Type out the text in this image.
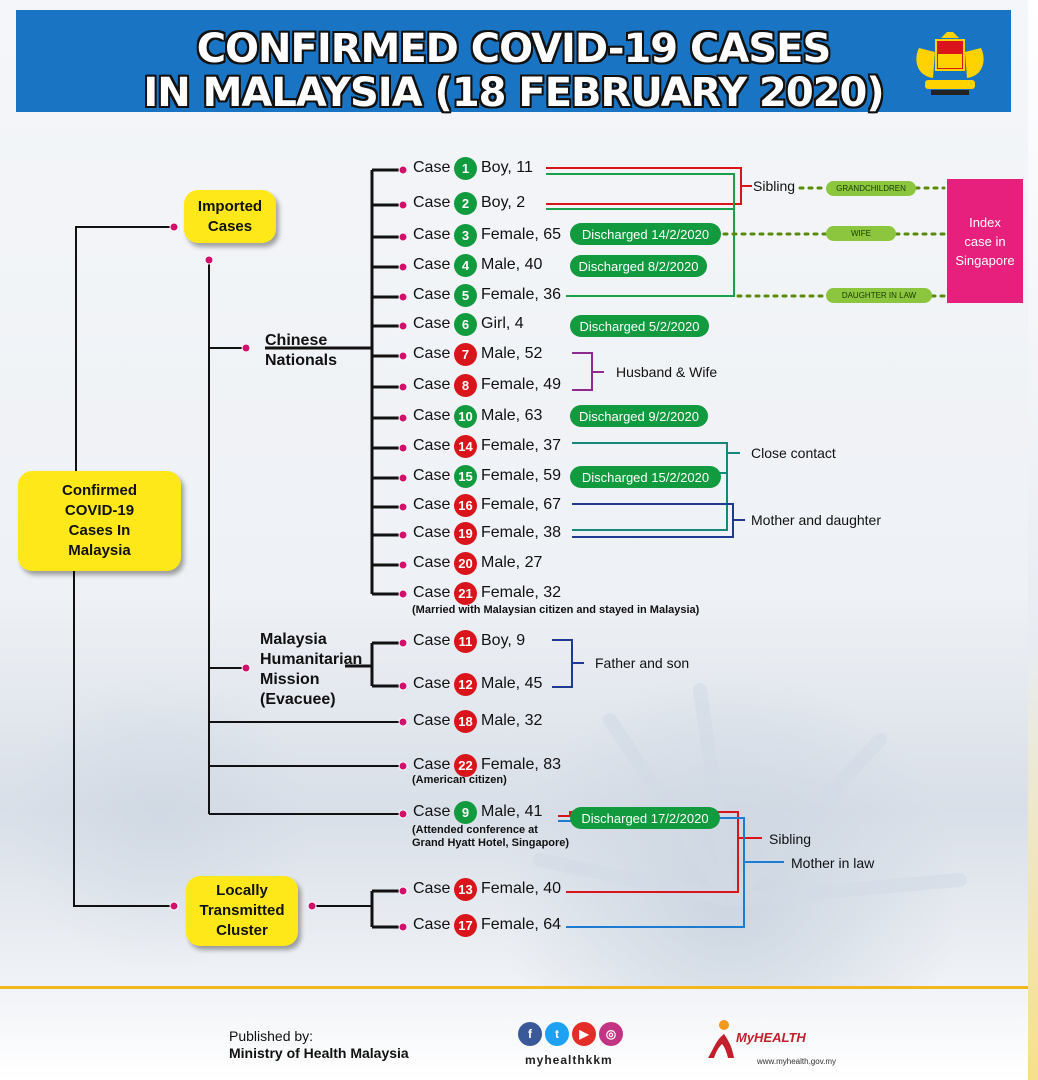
CONFIRMED COVID-19 CASES
IN MALAYSIA (18 FEBRUARY 2020)
Confirmed
COVID-19
Cases In
Malaysia
Imported
Cases
Locally
Transmitted
Cluster
Chinese
Nationals
Malaysia
Humanitarian
Mission
(Evacuee)
Case 1 Boy, 11
Case 2 Boy, 2
Case 3 Female, 65
Case 4 Male, 40
Case 5 Female, 36
Case 6 Girl, 4
Case 7 Male, 52
Case 8 Female, 49
Case 10 Male, 63
Case 14 Female, 37
Case 15 Female, 59
Case 16 Female, 67
Case 19 Female, 38
Case 20 Male, 27
Case 21 Female, 32
Case 11 Boy, 9
Case 12 Male, 45
Case 18 Male, 32
Case 22 Female, 83
Case 9 Male, 41
Case 13 Female, 40
Case 17 Female, 64
Discharged 14/2/2020
Discharged 8/2/2020
Discharged 5/2/2020
Discharged 9/2/2020
Discharged 15/2/2020
Discharged 17/2/2020
(Married with Malaysian citizen and stayed in Malaysia)
(American citizen)
(Attended conference at
Grand Hyatt Hotel, Singapore)
Sibling
Husband & Wife
Close contact
Mother and daughter
Father and son
Sibling
Mother in law
GRANDCHILDREN
WIFE
DAUGHTER IN LAW
Index
case in
Singapore
Published by:
Ministry of Health Malaysia
f	t	▶	◎
myhealthkkm
MyHEALTH
www.myhealth.gov.my
